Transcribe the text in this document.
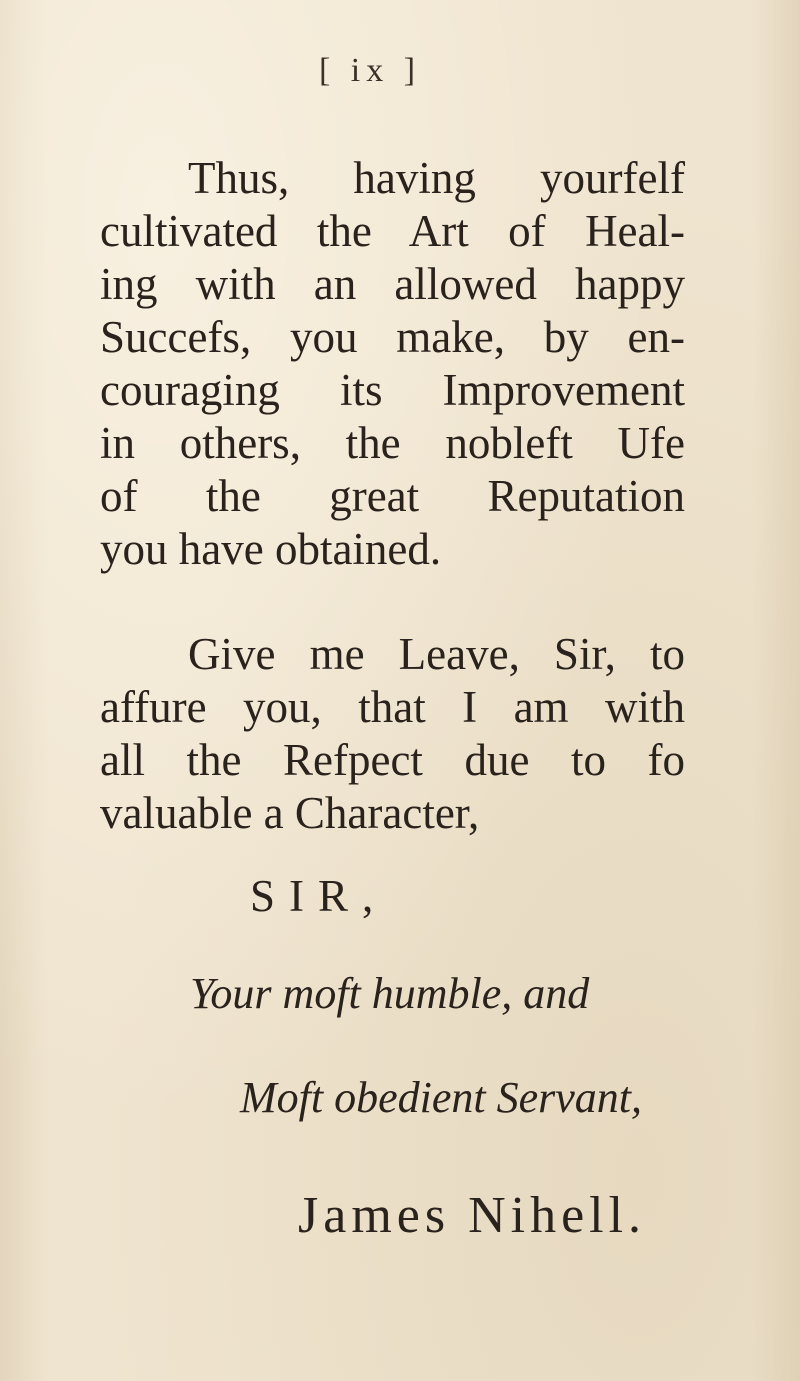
[ ix ]

Thus, having yourfelf
cultivated the Art of Heal-
ing with an allowed happy
Succefs, you make, by en-
couraging its Improvement
in others, the nobleft Ufe
of the great Reputation
you have obtained.

Give me Leave, Sir, to
affure you, that I am with
all the Refpect due to fo
valuable a Character,

SIR,
Your moft humble, and
Moft obedient Servant,
James Nihell.
